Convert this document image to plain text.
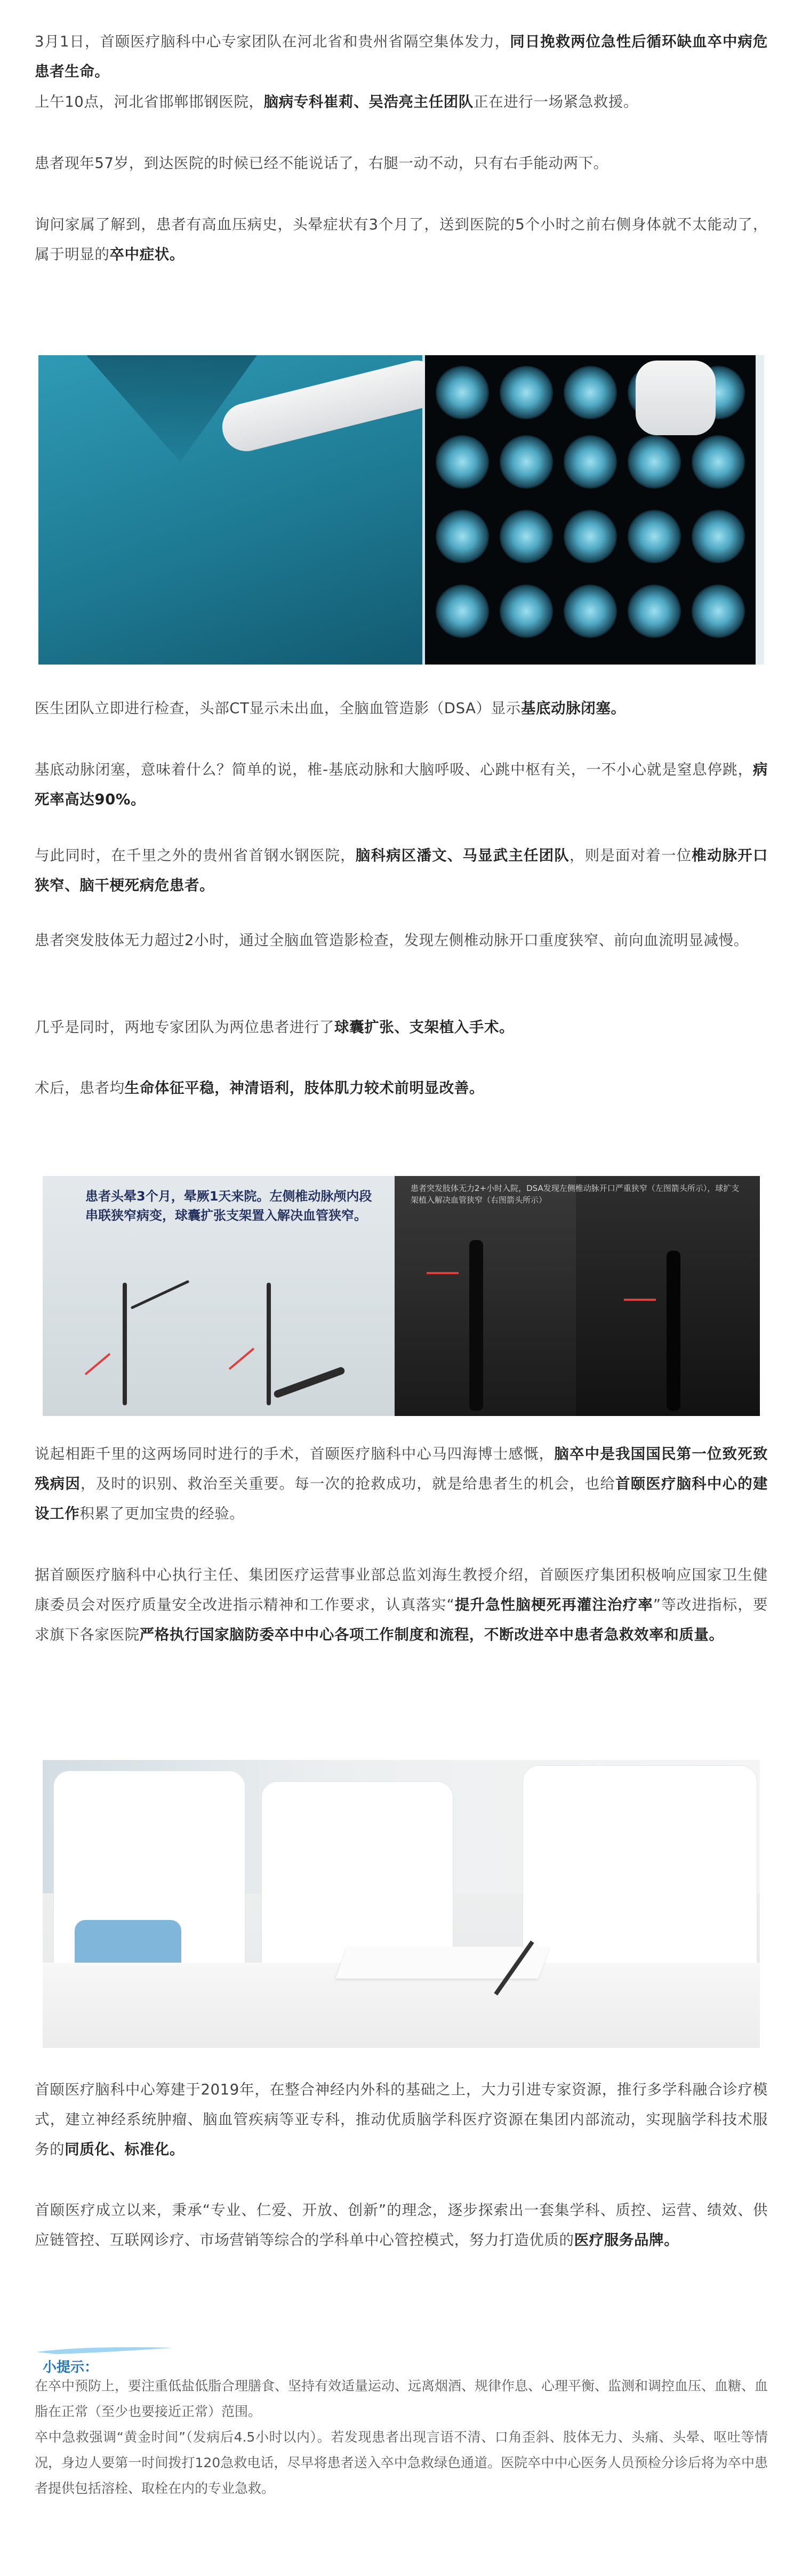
3月1日，首颐医疗脑科中心专家团队在河北省和贵州省隔空集体发力，同日挽救两位急性后循环缺血卒中病危患者生命。

上午10点，河北省邯郸邯钢医院，脑病专科崔莉、吴浩亮主任团队正在进行一场紧急救援。

患者现年57岁，到达医院的时候已经不能说话了，右腿一动不动，只有右手能动两下。

询问家属了解到，患者有高血压病史，头晕症状有3个月了，送到医院的5个小时之前右侧身体就不太能动了，属于明显的卒中症状。

医生团队立即进行检查，头部CT显示未出血，全脑血管造影（DSA）显示基底动脉闭塞。

基底动脉闭塞，意味着什么？简单的说，椎-基底动脉和大脑呼吸、心跳中枢有关，一不小心就是窒息停跳，病死率高达90%。

与此同时，在千里之外的贵州省首钢水钢医院，脑科病区潘文、马显武主任团队，则是面对着一位椎动脉开口狭窄、脑干梗死病危患者。

患者突发肢体无力超过2小时，通过全脑血管造影检查，发现左侧椎动脉开口重度狭窄、前向血流明显减慢。

几乎是同时，两地专家团队为两位患者进行了球囊扩张、支架植入手术。

术后，患者均生命体征平稳，神清语利，肢体肌力较术前明显改善。

患者头晕3个月，晕厥1天来院。左侧椎动脉颅内段串联狭窄病变，球囊扩张支架置入解决血管狭窄。
患者突发肢体无力2+小时入院，DSA发现左侧椎动脉开口严重狭窄（左图箭头所示），球扩支架植入解决血管狭窄（右图箭头所示）

说起相距千里的这两场同时进行的手术，首颐医疗脑科中心马四海博士感慨，脑卒中是我国国民第一位致死致残病因，及时的识别、救治至关重要。每一次的抢救成功，就是给患者生的机会，也给首颐医疗脑科中心的建设工作积累了更加宝贵的经验。

据首颐医疗脑科中心执行主任、集团医疗运营事业部总监刘海生教授介绍，首颐医疗集团积极响应国家卫生健康委员会对医疗质量安全改进指示精神和工作要求，认真落实“提升急性脑梗死再灌注治疗率”等改进指标，要求旗下各家医院严格执行国家脑防委卒中中心各项工作制度和流程，不断改进卒中患者急救效率和质量。

首颐医疗脑科中心筹建于2019年，在整合神经内外科的基础之上，大力引进专家资源，推行多学科融合诊疗模式，建立神经系统肿瘤、脑血管疾病等亚专科，推动优质脑学科医疗资源在集团内部流动，实现脑学科技术服务的同质化、标准化。

首颐医疗成立以来，秉承“专业、仁爱、开放、创新”的理念，逐步探索出一套集学科、质控、运营、绩效、供应链管控、互联网诊疗、市场营销等综合的学科单中心管控模式，努力打造优质的医疗服务品牌。

小提示：
在卒中预防上，要注重低盐低脂合理膳食、坚持有效适量运动、远离烟酒、规律作息、心理平衡、监测和调控血压、血糖、血脂在正常（至少也要接近正常）范围。
卒中急救强调“黄金时间”（发病后4.5小时以内）。若发现患者出现言语不清、口角歪斜、肢体无力、头痛、头晕、呕吐等情况，身边人要第一时间拨打120急救电话，尽早将患者送入卒中急救绿色通道。医院卒中中心医务人员预检分诊后将为卒中患者提供包括溶栓、取栓在内的专业急救。
